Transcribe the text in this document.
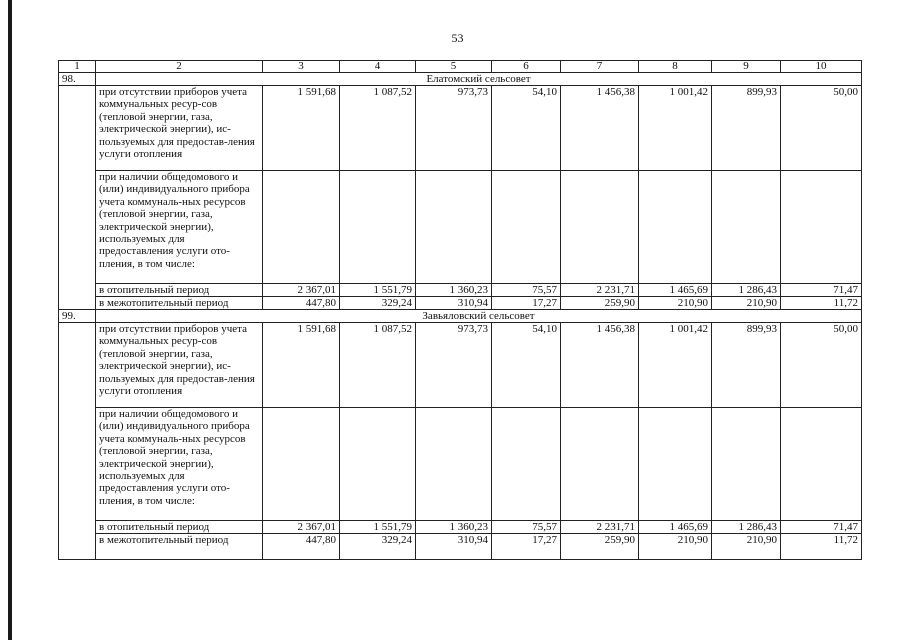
53
1	2	3	4	5	6	7	8	9	10
98.	Елатомский сельсовет								
	при отсутствии приборов учета коммунальных ресур-сов (тепловой энергии, газа, электрической энергии), ис-пользуемых для предостав-ления услуги отопления	1 591,68	1 087,52	973,73	54,10	1 456,38	1 001,42	899,93	50,00
	при наличии общедомового и (или) индивидуального прибора учета коммуналь-ных ресурсов (тепловой энергии, газа, электрической энергии), используемых для предоставления услуги ото-пления, в том числе:								
	в отопительный период	2 367,01	1 551,79	1 360,23	75,57	2 231,71	1 465,69	1 286,43	71,47
	в межотопительный период	447,80	329,24	310,94	17,27	259,90	210,90	210,90	11,72
99.	Завьяловский сельсовет								
	при отсутствии приборов учета коммунальных ресур-сов (тепловой энергии, газа, электрической энергии), ис-пользуемых для предостав-ления услуги отопления	1 591,68	1 087,52	973,73	54,10	1 456,38	1 001,42	899,93	50,00
	при наличии общедомового и (или) индивидуального прибора учета коммуналь-ных ресурсов (тепловой энергии, газа, электрической энергии), используемых для предоставления услуги ото-пления, в том числе:								
	в отопительный период	2 367,01	1 551,79	1 360,23	75,57	2 231,71	1 465,69	1 286,43	71,47
	в межотопительный период	447,80	329,24	310,94	17,27	259,90	210,90	210,90	11,72
